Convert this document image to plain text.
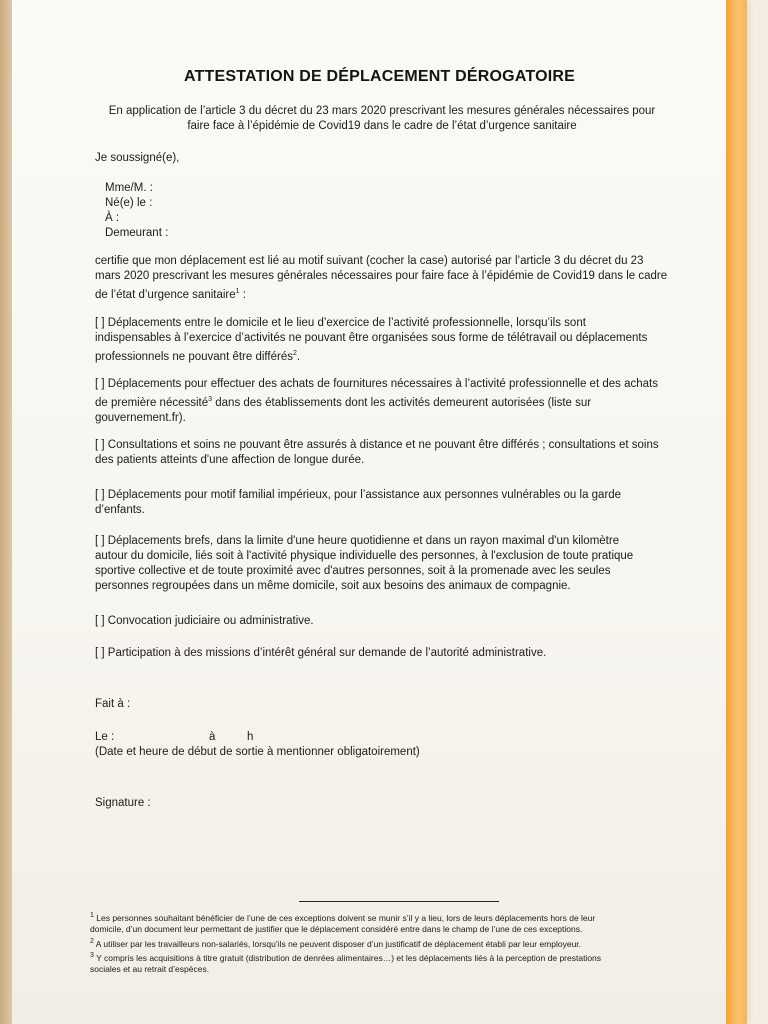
ATTESTATION DE DÉPLACEMENT DÉROGATOIRE
En application de l’article 3 du décret du 23 mars 2020 prescrivant les mesures générales nécessaires pour
faire face à l’épidémie de Covid19 dans le cadre de l’état d’urgence sanitaire
Je soussigné(e),
Mme/M. :
Né(e) le :
À :
Demeurant :
certifie que mon déplacement est lié au motif suivant (cocher la case) autorisé par l’article 3 du décret du 23
mars 2020 prescrivant les mesures générales nécessaires pour faire face à l’épidémie de Covid19 dans le cadre
de l’état d’urgence sanitaire$^1$ :
[ ] Déplacements entre le domicile et le lieu d’exercice de l’activité professionnelle, lorsqu’ils sont
indispensables à l’exercice d’activités ne pouvant être organisées sous forme de télétravail ou déplacements
professionnels ne pouvant être différés$^2$.
[ ] Déplacements pour effectuer des achats de fournitures nécessaires à l’activité professionnelle et des achats
de première nécessité$^3$ dans des établissements dont les activités demeurent autorisées (liste sur
gouvernement.fr).
[ ] Consultations et soins ne pouvant être assurés à distance et ne pouvant être différés ; consultations et soins
des patients atteints d'une affection de longue durée.
[ ] Déplacements pour motif familial impérieux, pour l’assistance aux personnes vulnérables ou la garde
d’enfants.
[ ] Déplacements brefs, dans la limite d'une heure quotidienne et dans un rayon maximal d'un kilomètre
autour du domicile, liés soit à l'activité physique individuelle des personnes, à l'exclusion de toute pratique
sportive collective et de toute proximité avec d'autres personnes, soit à la promenade avec les seules
personnes regroupées dans un même domicile, soit aux besoins des animaux de compagnie.
[ ] Convocation judiciaire ou administrative.
[ ] Participation à des missions d’intérêt général sur demande de l’autorité administrative.
Fait à :
Le :	à	h
(Date et heure de début de sortie à mentionner obligatoirement)
Signature :
$^1$ Les personnes souhaitant bénéficier de l’une de ces exceptions doivent se munir s’il y a lieu, lors de leurs déplacements hors de leur
domicile, d’un document leur permettant de justifier que le déplacement considéré entre dans le champ de l’une de ces exceptions.
$^2$ A utiliser par les travailleurs non-salariés, lorsqu’ils ne peuvent disposer d’un justificatif de déplacement établi par leur employeur.
$^3$ Y compris les acquisitions à titre gratuit (distribution de denrées alimentaires…) et les déplacements liés à la perception de prestations
sociales et au retrait d’espèces.
